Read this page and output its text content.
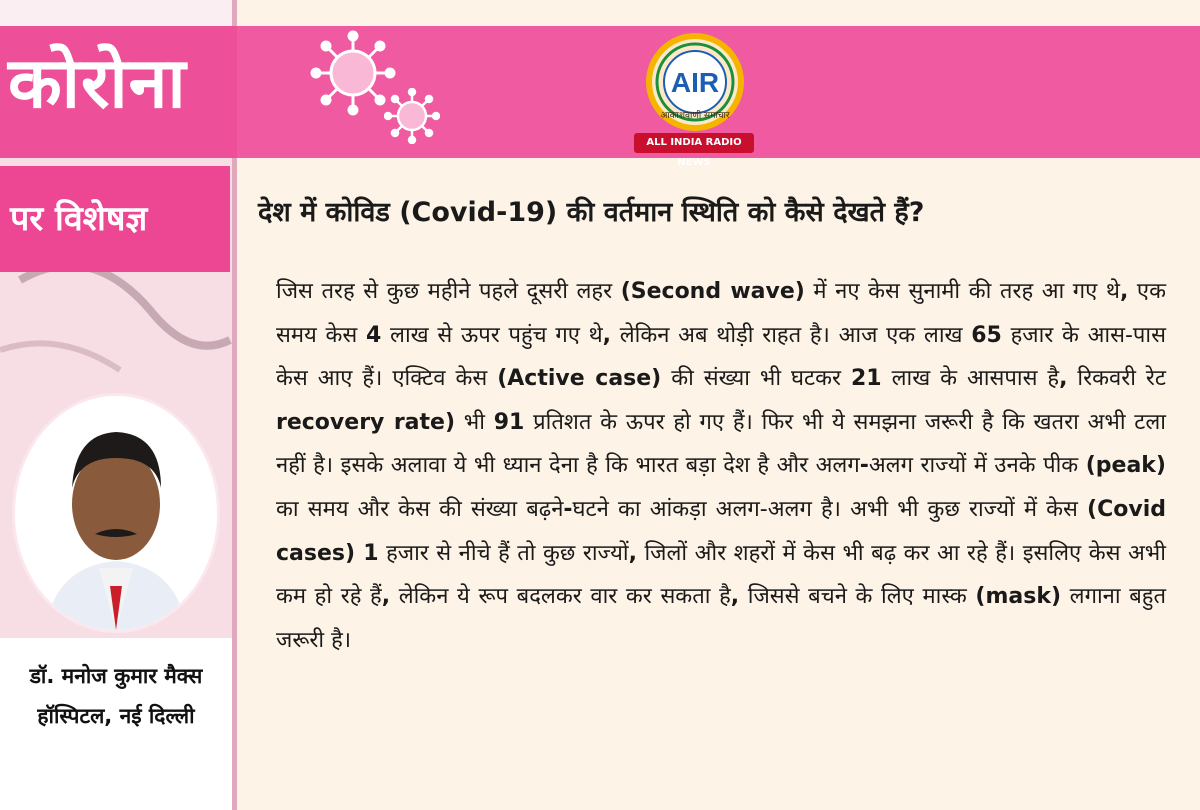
कोरोना	AIR
आकाशवाणी समाचार
ALL INDIA RADIO NEWS
पर विशेषज्ञ
डॉ. मनोज कुमार मैक्स
हॉस्पिटल, नई दिल्ली
देश में कोविड (Covid-19) की वर्तमान स्थिति को कैसे देखते हैं?
जिस तरह से कुछ महीने पहले दूसरी लहर (Second wave) में नए केस सुनामी की तरह आ गए थे, एक समय केस 4 लाख से ऊपर पहुंच गए थे, लेकिन अब थोड़ी राहत है। आज एक लाख 65 हजार के आस-पास केस आए हैं। एक्टिव केस (Active case) की संख्या भी घटकर 21 लाख के आसपास है, रिकवरी रेट recovery rate) भी 91 प्रतिशत के ऊपर हो गए हैं। फिर भी ये समझना जरूरी है कि खतरा अभी टला नहीं है। इसके अलावा ये भी ध्यान देना है कि भारत बड़ा देश है और अलग-अलग राज्यों में उनके पीक (peak) का समय और केस की संख्या बढ़ने-घटने का आंकड़ा अलग-अलग है। अभी भी कुछ राज्यों में केस (Covid cases) 1 हजार से नीचे हैं तो कुछ राज्यों, जिलों और शहरों में केस भी बढ़ कर आ रहे हैं। इसलिए केस अभी कम हो रहे हैं, लेकिन ये रूप बदलकर वार कर सकता है, जिससे बचने के लिए मास्क (mask) लगाना बहुत जरूरी है।
